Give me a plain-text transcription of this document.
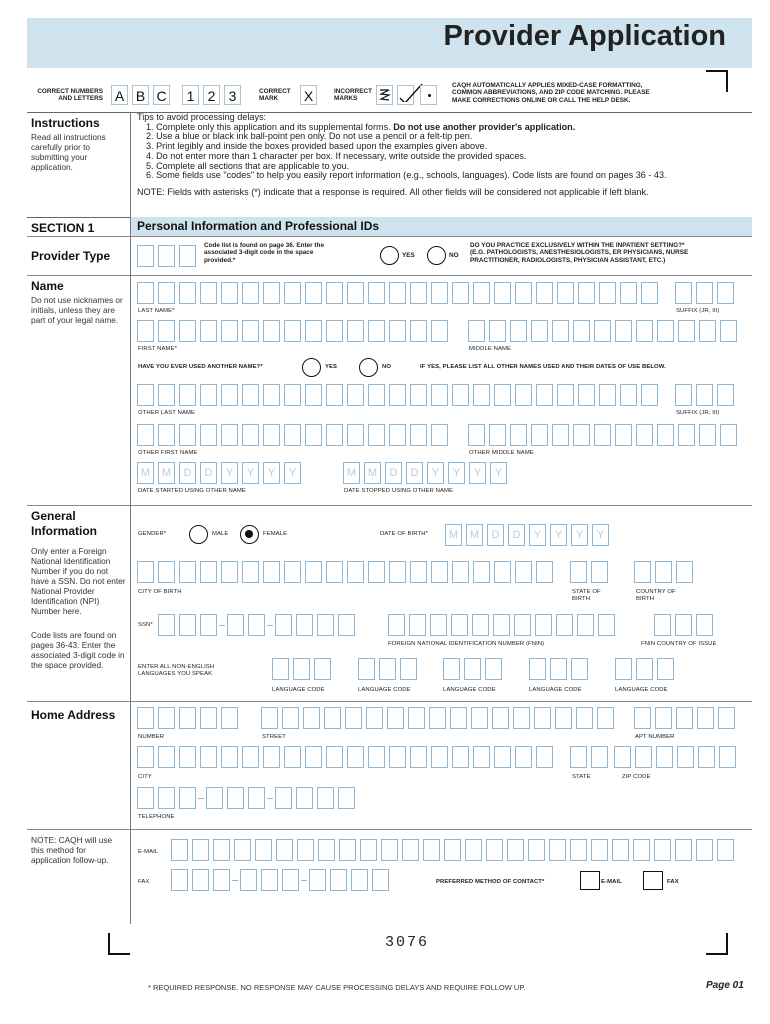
Provider Application
CORRECT NUMBERS
AND LETTERS A B C	1 2 3	CORRECT
MARK	X	INCORRECT
MARKS
CAQH AUTOMATICALLY APPLIES MIXED-CASE FORMATTING,
COMMON ABBREVIATIONS, AND ZIP CODE MATCHING. PLEASE
MAKE CORRECTIONS ONLINE OR CALL THE HELP DESK.
Instructions
Read all instructions carefully prior to submitting your application.
Tips to avoid processing delays:
1. Complete only this application and its supplemental forms. Do not use another provider's application.
2. Use a blue or black ink ball-point pen only. Do not use a pencil or a felt-tip pen.
3. Print legibly and inside the boxes provided based upon the examples given above.
4. Do not enter more than 1 character per box. If necessary, write outside the provided spaces.
5. Complete all sections that are applicable to you.
6. Some fields use "codes" to help you easily report information (e.g., schools, languages). Code lists are found on pages 36 - 43.
NOTE: Fields with asterisks (*) indicate that a response is required. All other fields will be considered not applicable if left blank.
SECTION 1	Personal Information and Professional IDs
Provider Type
Code list is found on page 36. Enter the
associated 3-digit code in the space
provided.*
YES	NO
DO YOU PRACTICE EXCLUSIVELY WITHIN THE INPATIENT SETTING?*
(E.G. PATHOLOGISTS, ANESTHESIOLOGISTS, ER PHYSICIANS, NURSE
PRACTITIONER, RADIOLOGISTS, PHYSICIAN ASSISTANT, ETC.)
Name
Do not use nicknames or initials, unless they are part of your legal name.
LAST NAME*	SUFFIX (JR, III)
FIRST NAME*	MIDDLE NAME
HAVE YOU EVER USED ANOTHER NAME?*	YES	NO	IF YES, PLEASE LIST ALL OTHER NAMES USED AND THEIR DATES OF USE BELOW.
OTHER LAST NAME	SUFFIX (JR, III)
OTHER FIRST NAME	OTHER MIDDLE NAME
M	M	D	D	Y	Y	Y	Y	M	M	D	D	Y	Y	Y	Y
DATE STARTED USING OTHER NAME	DATE STOPPED USING OTHER NAME
General
Information
Only enter a Foreign National Identification Number if you do not have a SSN. Do not enter National Provider Identification (NPI) Number here.
Code lists are found on pages 36-43. Enter the associated 3-digit code in the space provided.
GENDER*	MALE	FEMALE	DATE OF BIRTH*	M	M	D	D	Y	Y	Y	Y
CITY OF BIRTH	STATE OF
BIRTH
COUNTRY OF
BIRTH
SSN*
FOREIGN NATIONAL IDENTIFICATION NUMBER (FNIN)	FNIN COUNTRY OF ISSUE
ENTER ALL NON-ENGLISH
LANGUAGES YOU SPEAK
LANGUAGE CODE	LANGUAGE CODE	LANGUAGE CODE	LANGUAGE CODE	LANGUAGE CODE
Home Address
NUMBER	STREET	APT NUMBER
CITY	STATE	ZIP CODE
TELEPHONE
NOTE: CAQH will use this method for application follow-up.
E-MAIL
FAX	PREFERRED METHOD OF CONTACT*	E-MAIL	FAX
3076
* REQUIRED RESPONSE. NO RESPONSE MAY CAUSE PROCESSING DELAYS AND REQUIRE FOLLOW UP.	Page 01
